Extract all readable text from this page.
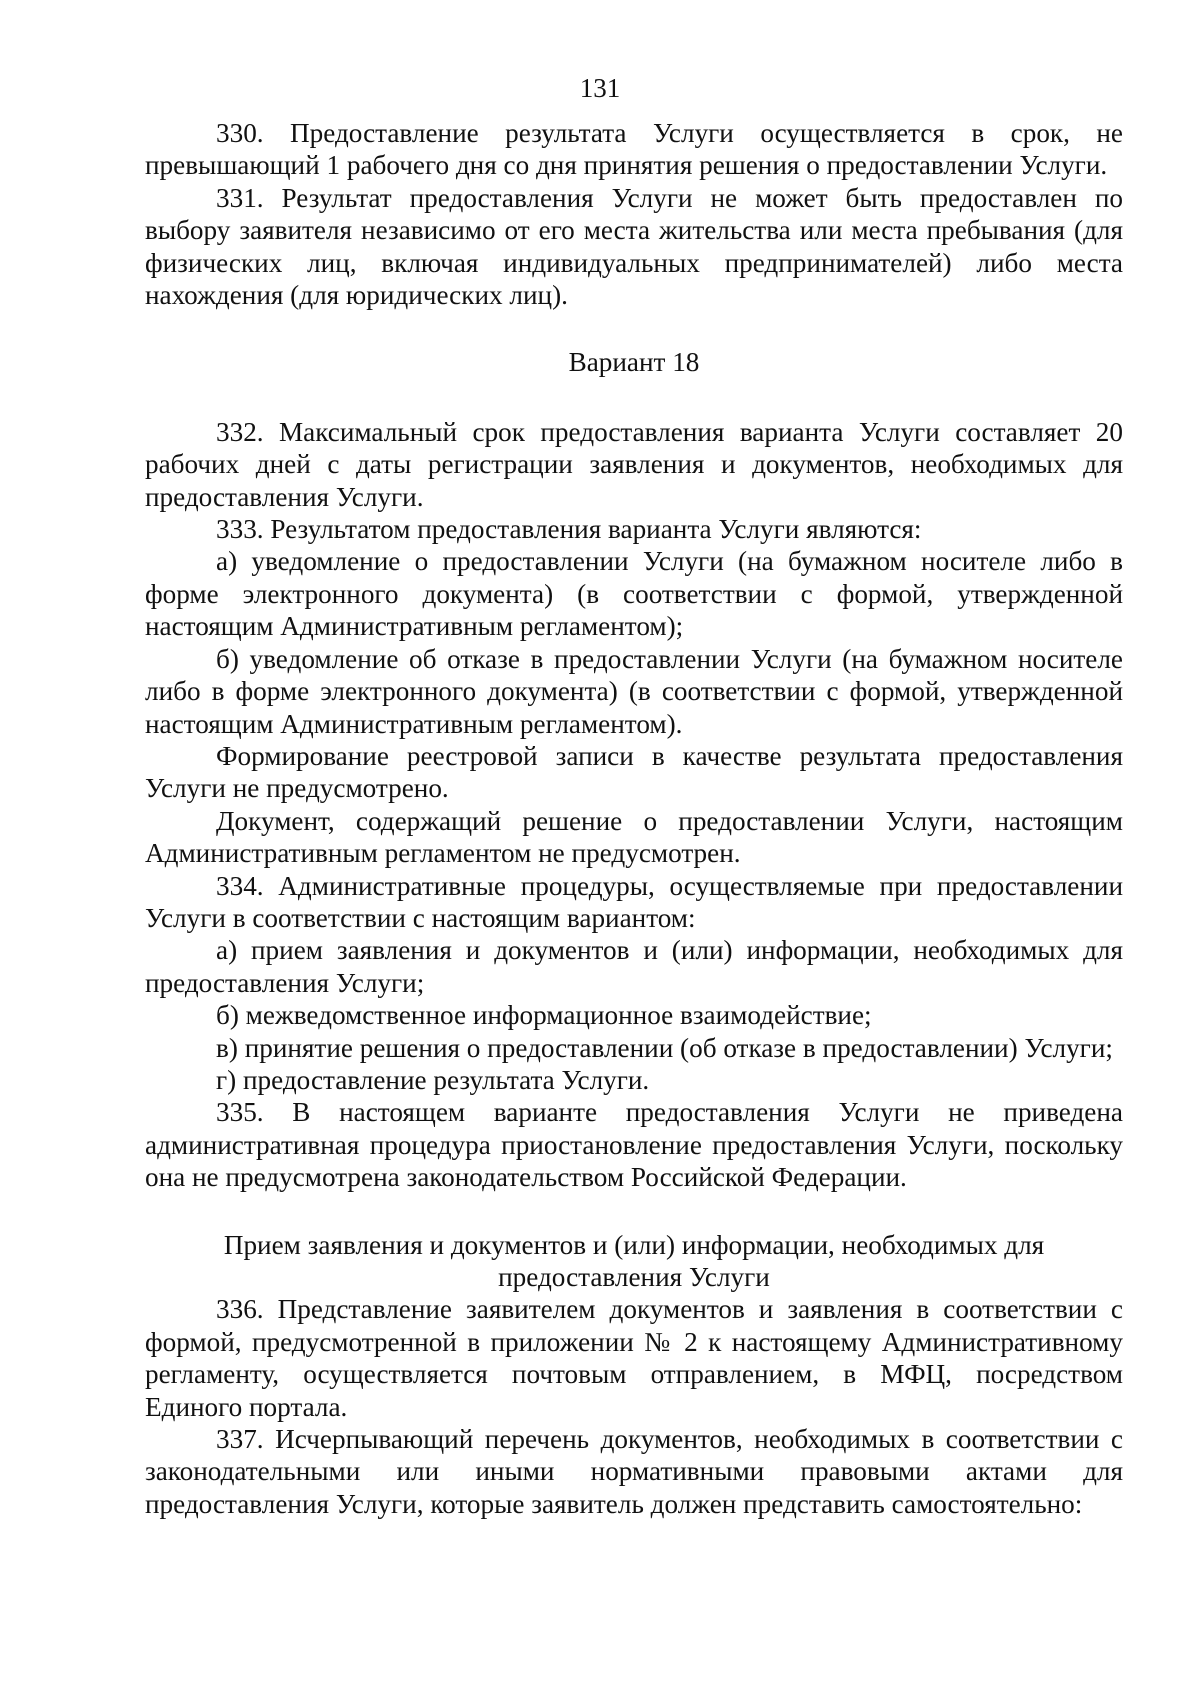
131

330. Предоставление результата Услуги осуществляется в срок, не превышающий 1 рабочего дня со дня принятия решения о предоставлении Услуги.

331. Результат предоставления Услуги не может быть предоставлен по выбору заявителя независимо от его места жительства или места пребывания (для физических лиц, включая индивидуальных предпринимателей) либо места нахождения (для юридических лиц).

Вариант 18

332. Максимальный срок предоставления варианта Услуги составляет 20 рабочих дней с даты регистрации заявления и документов, необходимых для предоставления Услуги.

333. Результатом предоставления варианта Услуги являются:

а) уведомление о предоставлении Услуги (на бумажном носителе либо в форме электронного документа) (в соответствии с формой, утвержденной настоящим Административным регламентом);

б) уведомление об отказе в предоставлении Услуги (на бумажном носителе либо в форме электронного документа) (в соответствии с формой, утвержденной настоящим Административным регламентом).

Формирование реестровой записи в качестве результата предоставления Услуги не предусмотрено.

Документ, содержащий решение о предоставлении Услуги, настоящим Административным регламентом не предусмотрен.

334. Административные процедуры, осуществляемые при предоставлении Услуги в соответствии с настоящим вариантом:

а) прием заявления и документов и (или) информации, необходимых для предоставления Услуги;

б) межведомственное информационное взаимодействие;

в) принятие решения о предоставлении (об отказе в предоставлении) Услуги;

г) предоставление результата Услуги.

335. В настоящем варианте предоставления Услуги не приведена административная процедура приостановление предоставления Услуги, поскольку она не предусмотрена законодательством Российской Федерации.

Прием заявления и документов и (или) информации, необходимых для предоставления Услуги

336. Представление заявителем документов и заявления в соответствии с формой, предусмотренной в приложении № 2 к настоящему Административному регламенту, осуществляется почтовым отправлением, в МФЦ, посредством Единого портала.

337. Исчерпывающий перечень документов, необходимых в соответствии с законодательными или иными нормативными правовыми актами для предоставления Услуги, которые заявитель должен представить самостоятельно:
